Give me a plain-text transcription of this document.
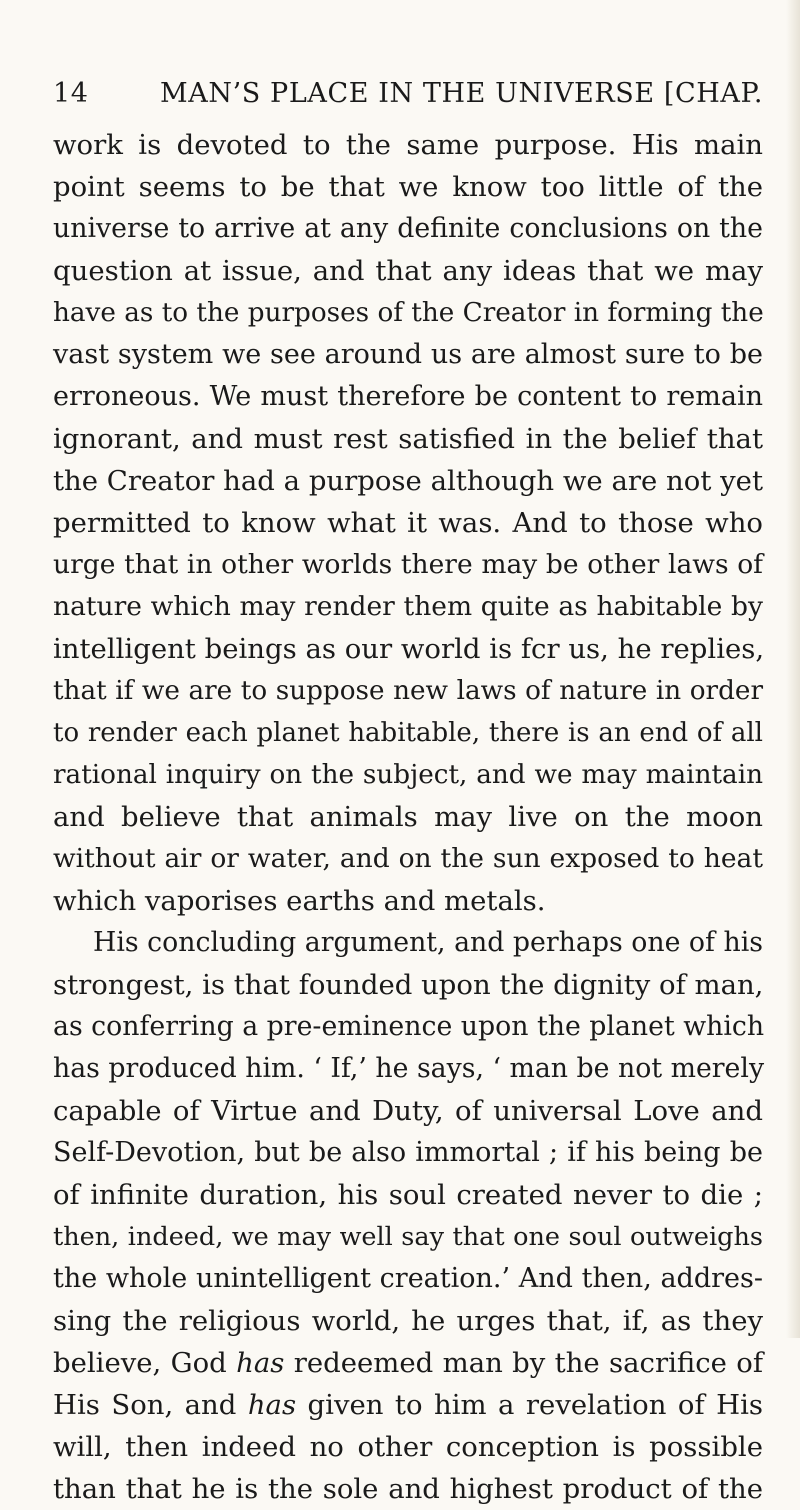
14	MAN’S PLACE IN THE UNIVERSE [CHAP.
work is devoted to the same purpose. His main
point seems to be that we know too little of the
universe to arrive at any definite conclusions on the
question at issue, and that any ideas that we may
have as to the purposes of the Creator in forming the
vast system we see around us are almost sure to be
erroneous. We must therefore be content to remain
ignorant, and must rest satisfied in the belief that
the Creator had a purpose although we are not yet
permitted to know what it was. And to those who
urge that in other worlds there may be other laws of
nature which may render them quite as habitable by
intelligent beings as our world is fcr us, he replies,
that if we are to suppose new laws of nature in order
to render each planet habitable, there is an end of all
rational inquiry on the subject, and we may maintain
and believe that animals may live on the moon
without air or water, and on the sun exposed to heat
which vaporises earths and metals.
His concluding argument, and perhaps one of his
strongest, is that founded upon the dignity of man,
as conferring a pre-eminence upon the planet which
has produced him. ‘ If,’ he says, ‘ man be not merely
capable of Virtue and Duty, of universal Love and
Self-Devotion, but be also immortal ; if his being be
of infinite duration, his soul created never to die ;
then, indeed, we may well say that one soul outweighs
the whole unintelligent creation.’ And then, addres-
sing the religious world, he urges that, if, as they
believe, God has redeemed man by the sacrifice of
His Son, and has given to him a revelation of His
will, then indeed no other conception is possible
than that he is the sole and highest product of the
